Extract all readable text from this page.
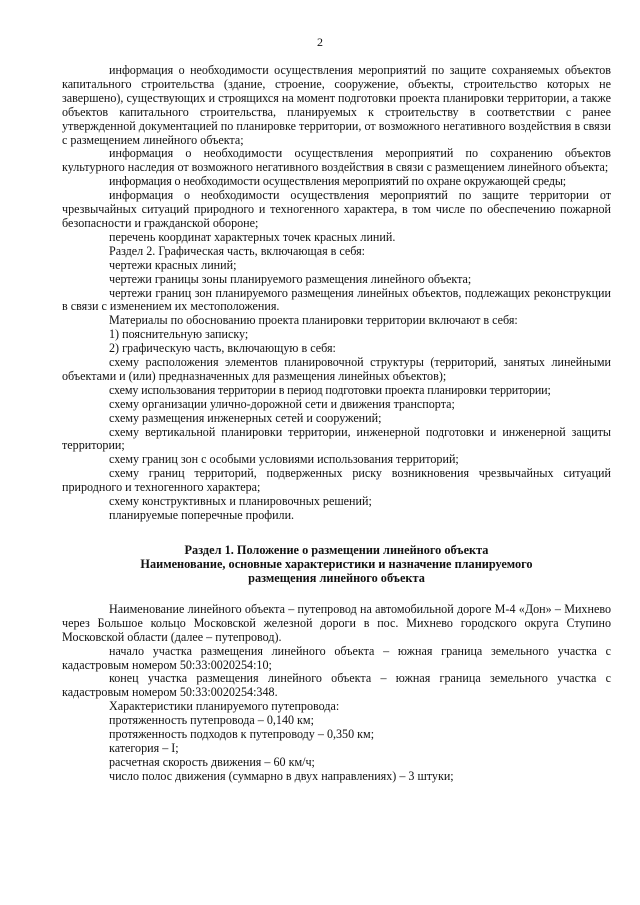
2

информация о необходимости осуществления мероприятий по защите сохраняемых объектов капитального строительства (здание, строение, сооружение, объекты, строительство которых не завершено), существующих и строящихся на момент подготовки проекта планировки территории, а также объектов капитального строительства, планируемых к строительству в соответствии с ранее утвержденной документацией по планировке территории, от возможного негативного воздействия в связи с размещением линейного объекта;

информация о необходимости осуществления мероприятий по сохранению объектов культурного наследия от возможного негативного воздействия в связи с размещением линейного объекта;

информация о необходимости осуществления мероприятий по охране окружающей среды;

информация о необходимости осуществления мероприятий по защите территории от чрезвычайных ситуаций природного и техногенного характера, в том числе по обеспечению пожарной безопасности и гражданской обороне;

перечень координат характерных точек красных линий.

Раздел 2. Графическая часть, включающая в себя:

чертежи красных линий;

чертежи границы зоны планируемого размещения линейного объекта;

чертежи границ зон планируемого размещения линейных объектов, подлежащих реконструкции в связи с изменением их местоположения.

Материалы по обоснованию проекта планировки территории включают в себя:

1) пояснительную записку;

2) графическую часть, включающую в себя:

схему расположения элементов планировочной структуры (территорий, занятых линейными объектами и (или) предназначенных для размещения линейных объектов);

схему использования территории в период подготовки проекта планировки территории;

схему организации улично-дорожной сети и движения транспорта;

схему размещения инженерных сетей и сооружений;

схему вертикальной планировки территории, инженерной подготовки и инженерной защиты территории;

схему границ зон с особыми условиями использования территорий;

схему границ территорий, подверженных риску возникновения чрезвычайных ситуаций природного и техногенного характера;

схему конструктивных и планировочных решений;

планируемые поперечные профили.

Раздел 1. Положение о размещении линейного объекта

Наименование, основные характеристики и назначение планируемого

размещения линейного объекта

Наименование линейного объекта – путепровод на автомобильной дороге М-4 «Дон» – Михнево через Большое кольцо Московской железной дороги в пос. Михнево городского округа Ступино Московской области (далее – путепровод).

начало участка размещения линейного объекта – южная граница земельного участка с кадастровым номером 50:33:0020254:10;

конец участка размещения линейного объекта – южная граница земельного участка с кадастровым номером 50:33:0020254:348.

Характеристики планируемого путепровода:

протяженность путепровода – 0,140 км;

протяженность подходов к путепроводу – 0,350 км;

категория – I;

расчетная скорость движения – 60 км/ч;

число полос движения (суммарно в двух направлениях) – 3 штуки;
